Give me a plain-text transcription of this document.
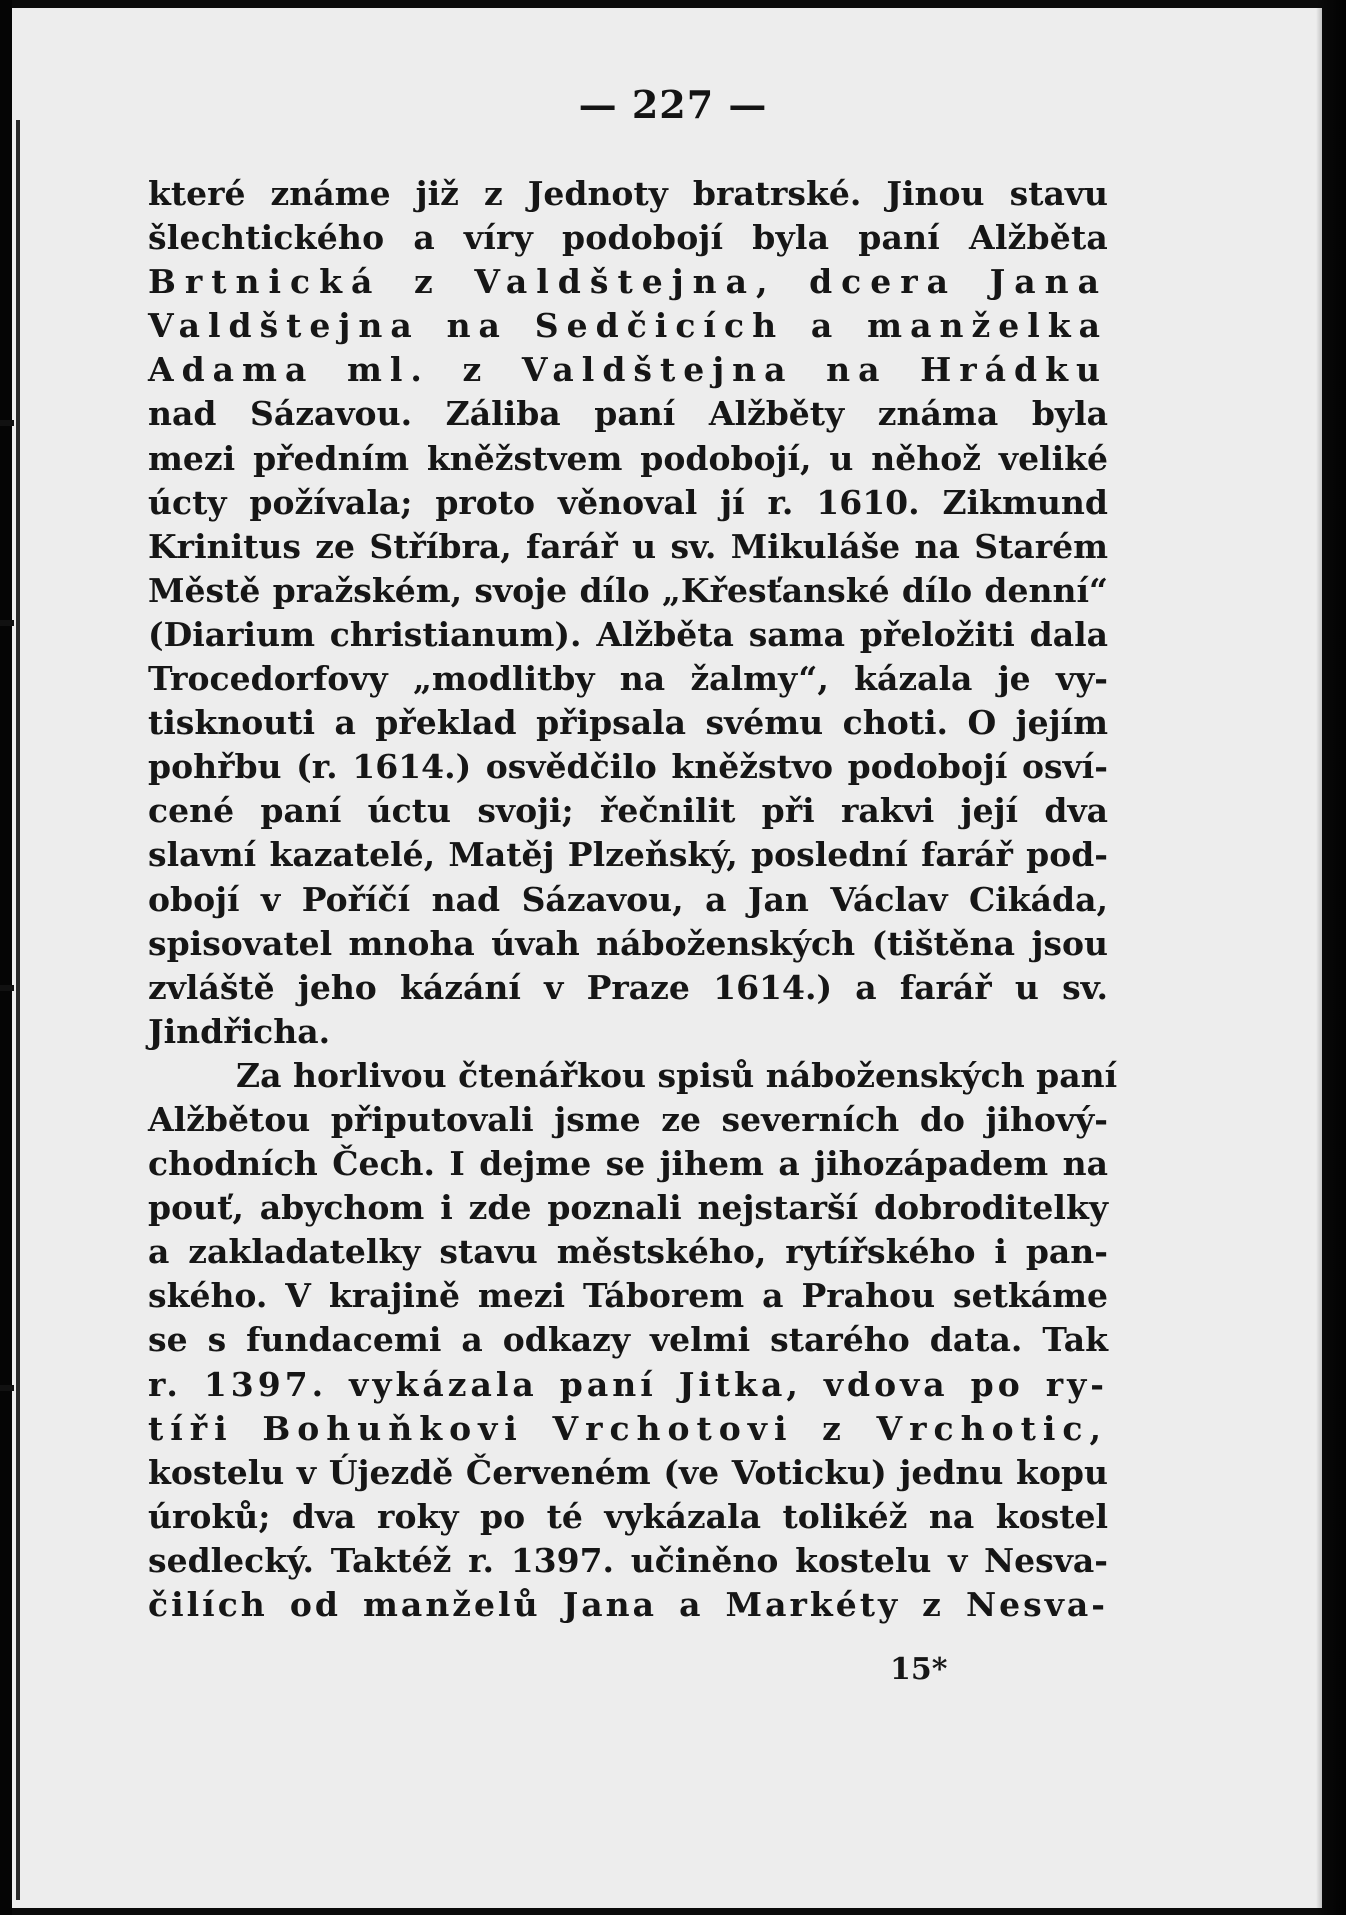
— 227 —
které známe již z Jednoty bratrské. Jinou stavu
šlechtického a víry podobojí byla paní Alžběta
Brtnická z Valdštejna, dcera Jana
Valdštejna na Sedčicích a manželka
Adama ml. z Valdštejna na Hrádku
nad Sázavou. Záliba paní Alžběty známa byla
mezi předním kněžstvem podobojí, u něhož veliké
úcty požívala; proto věnoval jí r. 1610. Zikmund
Krinitus ze Stříbra, farář u sv. Mikuláše na Starém
Městě pražském, svoje dílo „Křesťanské dílo denní“
(Diarium christianum). Alžběta sama přeložiti dala
Trocedorfovy „modlitby na žalmy“, kázala je vy-
tisknouti a překlad připsala svému choti. O jejím
pohřbu (r. 1614.) osvědčilo kněžstvo podobojí osví-
cené paní úctu svoji; řečnilit při rakvi její dva
slavní kazatelé, Matěj Plzeňský, poslední farář pod-
obojí v Poříčí nad Sázavou, a Jan Václav Cikáda,
spisovatel mnoha úvah náboženských (tištěna jsou
zvláště jeho kázání v Praze 1614.) a farář u sv.
Jindřicha.
Za horlivou čtenářkou spisů náboženských paní
Alžbětou připutovali jsme ze severních do jihový-
chodních Čech. I dejme se jihem a jihozápadem na
pouť, abychom i zde poznali nejstarší dobroditelky
a zakladatelky stavu městského, rytířského i pan-
ského. V krajině mezi Táborem a Prahou setkáme
se s fundacemi a odkazy velmi starého data. Tak
r. 1397. vykázala paní Jitka, vdova po ry-
tíři Bohuňkovi Vrchotovi z Vrchotic,
kostelu v Újezdě Červeném (ve Voticku) jednu kopu
úroků; dva roky po té vykázala tolikéž na kostel
sedlecký. Taktéž r. 1397. učiněno kostelu v Nesva-
čilích od manželů Jana a Markéty z Nesva-
15*
